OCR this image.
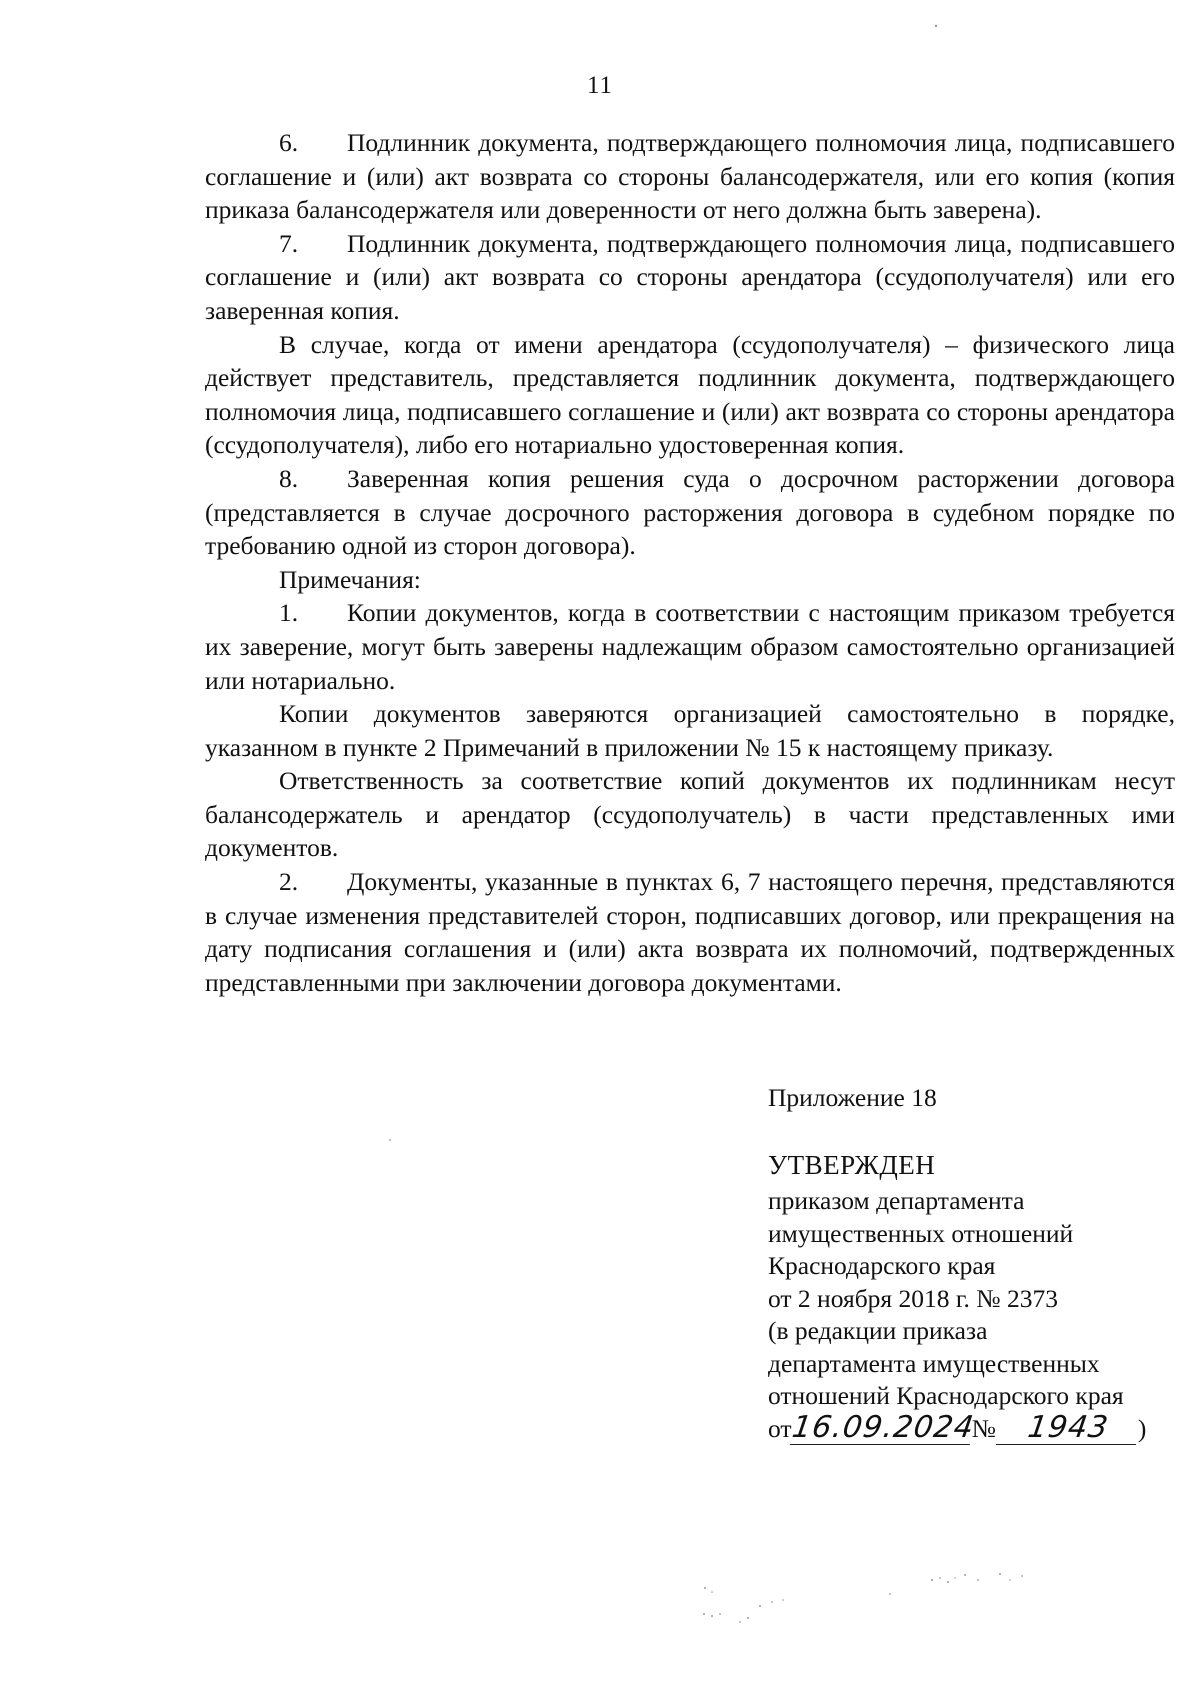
11

6. Подлинник документа, подтверждающего полномочия лица, подписавшего соглашение и (или) акт возврата со стороны балансодержателя, или его копия (копия приказа балансодержателя или доверенности от него должна быть заверена).

7. Подлинник документа, подтверждающего полномочия лица, подписавшего соглашение и (или) акт возврата со стороны арендатора (ссудополучателя) или его заверенная копия.

В случае, когда от имени арендатора (ссудополучателя) – физического лица действует представитель, представляется подлинник документа, подтверждающего полномочия лица, подписавшего соглашение и (или) акт возврата со стороны арендатора (ссудополучателя), либо его нотариально удостоверенная копия.

8. Заверенная копия решения суда о досрочном расторжении договора (представляется в случае досрочного расторжения договора в судебном порядке по требованию одной из сторон договора).

Примечания:

1. Копии документов, когда в соответствии с настоящим приказом требуется их заверение, могут быть заверены надлежащим образом самостоятельно организацией или нотариально.

Копии документов заверяются организацией самостоятельно в порядке, указанном в пункте 2 Примечаний в приложении № 15 к настоящему приказу.

Ответственность за соответствие копий документов их подлинникам несут балансодержатель и арендатор (ссудополучатель) в части представленных ими документов.

2. Документы, указанные в пунктах 6, 7 настоящего перечня, представляются в случае изменения представителей сторон, подписавших договор, или прекращения на дату подписания соглашения и (или) акта возврата их полномочий, подтвержденных представленными при заключении договора документами.

Приложение 18

УТВЕРЖДЕН

приказом департамента

имущественных отношений

Краснодарского края

от 2 ноября 2018 г. № 2373

(в редакции приказа

департамента имущественных

отношений Краснодарского края

от16.09.2024№ 1943 )
